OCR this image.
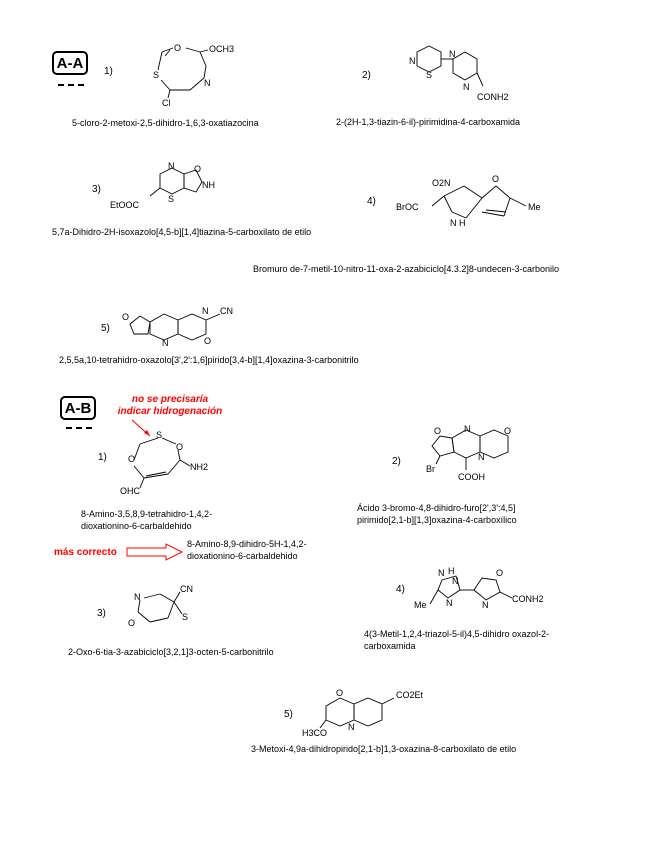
A-A	1)
O	OCH3
S
N
Cl
5-cloro-2-metoxi-2,5-dihidro-1,6,3-oxatiazocina
2)
N
S
N
N
CONH2
2-(2H-1,3-tiazin-6-il)-pirimidina-4-carboxamida
3)
N O
NH
S
EtOOC
5,7a-Dihidro-2H-isoxazolo[4,5-b][1,4]tiazina-5-carboxilato de etilo
4)
O2N	O
BrOC
N H
Me
Bromuro de-7-metil-10-nitro-11-oxa-2-azabiciclo[4.3.2]8-undecen-3-carbonilo
5)
O
N
N
O
CN
2,5,5a,10-tetrahidro-oxazolo[3',2':1,6]pirido[3,4-b][1,4]oxazina-3-carbonitrilo
A-B	no se precisaría
indicar hidrogenación
1)
S
O
O
NH2
OHC
8-Amino-3,5,8,9-tetrahidro-1,4,2-
dioxationino-6-carbaldehido
más correcto
8-Amino-8,9-dihidro-5H-1,4,2-
dioxationino-6-carbaldehido
2)
O	N	O
N
Br
COOH
Ácido 3-bromo-4,8-dihidro-furo[2',3':4,5]
pirimido[2,1-b][1,3]oxazina-4-carboxílico
3)
N
O
S
CN
2-Oxo-6-tia-3-azabiciclo[3,2,1]3-octen-5-carbonitrilo
4)
H
N
N
N
O
N
CONH2
Me
4(3-Metil-1,2,4-triazol-5-il)4,5-dihidro oxazol-2-
carboxamida
5)
O
N
H3CO
CO2Et
3-Metoxi-4,9a-dihidropirido[2,1-b]1,3-oxazina-8-carboxilato de etilo
